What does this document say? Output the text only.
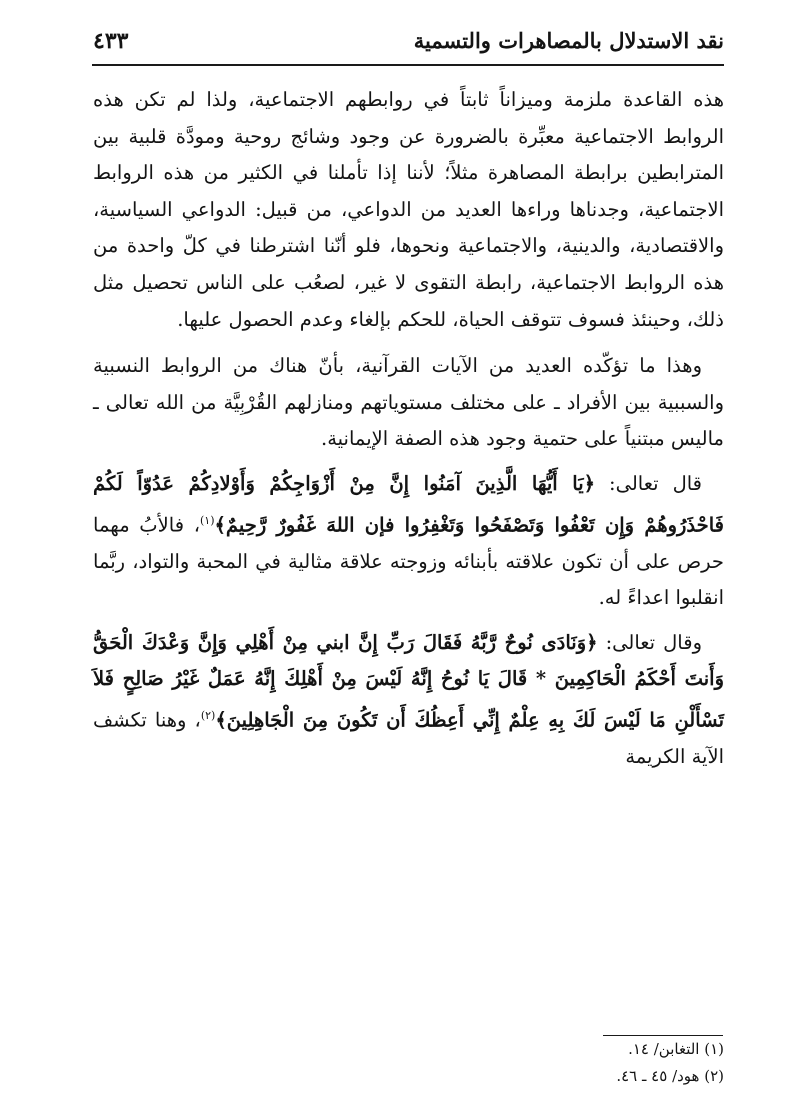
نقد الاستدلال بالمصاهرات والتسمية
٤٣٣

هذه القاعدة ملزمة وميزاناً ثابتاً في روابطهم الاجتماعية، ولذا لم تكن هذه الروابط الاجتماعية معبِّرة بالضرورة عن وجود وشائج روحية ومودَّة قلبية بين المترابطين برابطة المصاهرة مثلاً؛ لأننا إذا تأملنا في الكثير من هذه الروابط الاجتماعية، وجدناها وراءها العديد من الدواعي، من قبيل: الدواعي السياسية، والاقتصادية، والدينية، والاجتماعية ونحوها، فلو أنّنا اشترطنا في كلّ واحدة من هذه الروابط الاجتماعية، رابطة التقوى لا غير، لصعُب على الناس تحصيل مثل ذلك، وحينئذ فسوف تتوقف الحياة، للحكم بإلغاء وعدم الحصول عليها.

وهذا ما تؤكّده العديد من الآيات القرآنية، بأنّ هناك من الروابط النسبية والسببية بين الأفراد ـ على مختلف مستوياتهم ومنازلهم القُرْبِيَّة من الله تعالى ـ ماليس مبتنياً على حتمية وجود هذه الصفة الإيمانية.

قال تعالى: ﴿يَا أَيُّهَا الَّذِينَ آمَنُوا إِنَّ مِنْ أَزْوَاجِكُمْ وَأَوْلادِكُمْ عَدُوّاً لَكُمْ فَاحْذَرُوهُمْ وَإِن تَعْفُوا وَتَصْفَحُوا وَتَغْفِرُوا فإن اللهَ غَفُورٌ رَّحِيمٌ﴾$^{(١)}$، فالأبُ مهما حرص على أن تكون علاقته بأبنائه وزوجته علاقة مثالية في المحبة والتواد، ربَّما انقلبوا اعداءً له.

وقال تعالى: ﴿وَنَادَى نُوحٌ رَّبَّهُ فَقَالَ رَبِّ إِنَّ ابني مِنْ أَهْلِي وَإِنَّ وَعْدَكَ الْحَقُّ وَأَنتَ أَحْكَمُ الْحَاكِمِينَ * قَالَ يَا نُوحُ إِنَّهُ لَيْسَ مِنْ أَهْلِكَ إِنَّهُ عَمَلٌ غَيْرُ صَالِحٍ فَلاَ تَسْأَلْنِ مَا لَيْسَ لَكَ بِهِ عِلْمٌ إِنِّي أَعِظُكَ أَن تَكُونَ مِنَ الْجَاهِلِينَ﴾$^{(٢)}$، وهنا تكشف الآية الكريمة

(١) التغابن/ ١٤.
(٢) هود/ ٤٥ ـ ٤٦.
